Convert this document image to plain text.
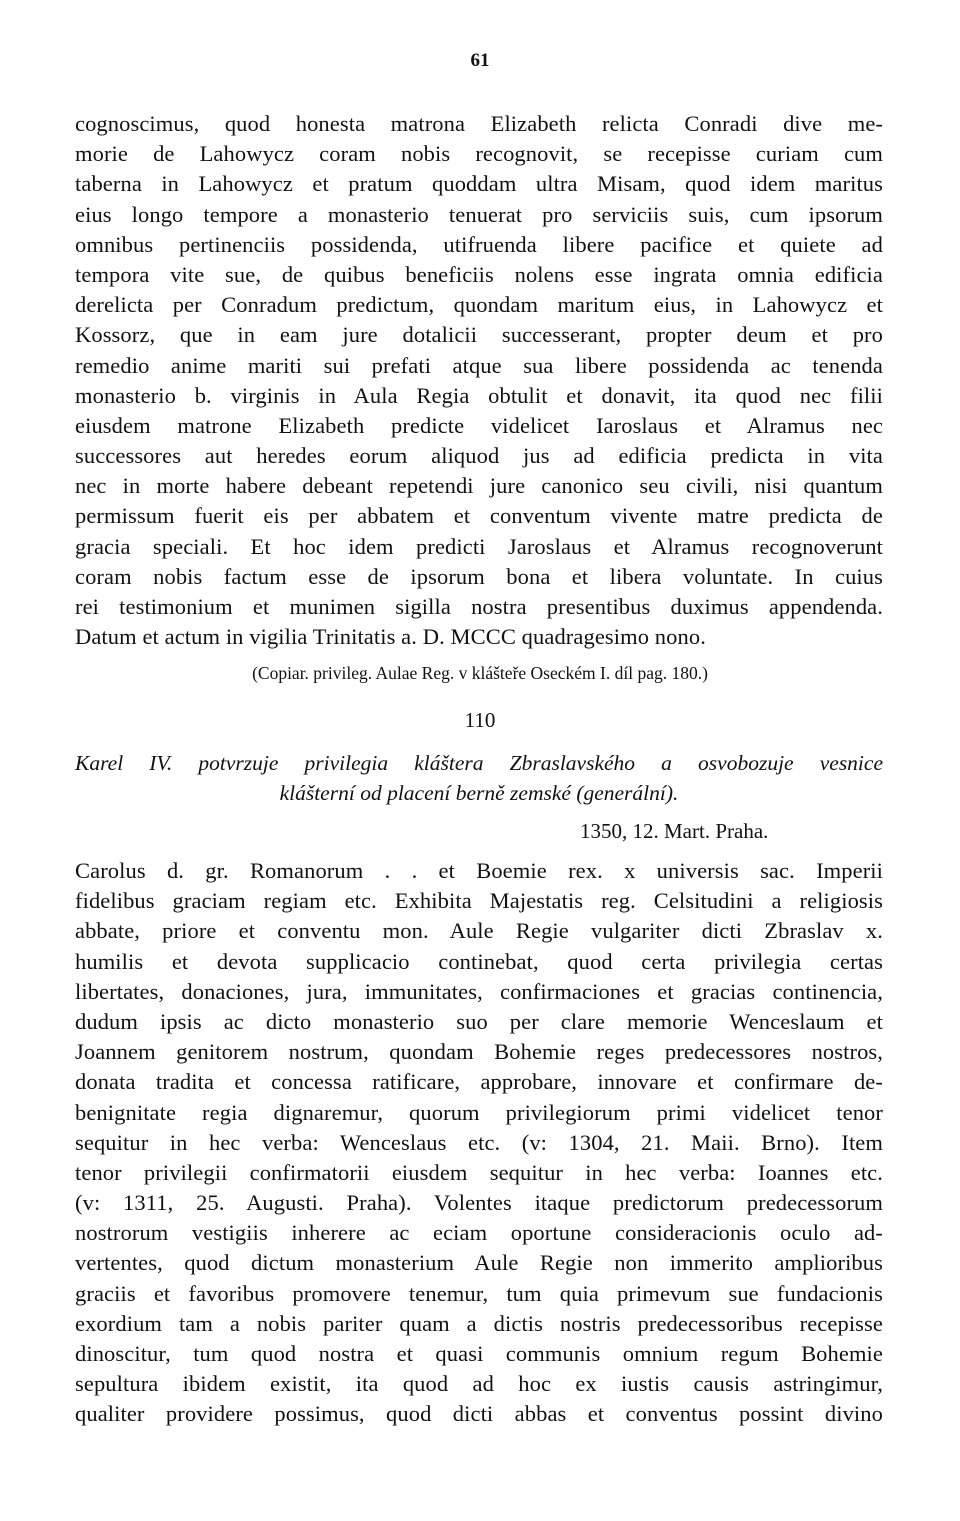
61
cognoscimus, quod honesta matrona Elizabeth relicta Conradi dive me-
morie de Lahowycz coram nobis recognovit, se recepisse curiam cum
taberna in Lahowycz et pratum quoddam ultra Misam, quod idem maritus
eius longo tempore a monasterio tenuerat pro serviciis suis, cum ipsorum
omnibus pertinenciis possidenda, utifruenda libere pacifice et quiete ad
tempora vite sue, de quibus beneficiis nolens esse ingrata omnia edificia
derelicta per Conradum predictum, quondam maritum eius, in Lahowycz et
Kossorz, que in eam jure dotalicii successerant, propter deum et pro
remedio anime mariti sui prefati atque sua libere possidenda ac tenenda
monasterio b. virginis in Aula Regia obtulit et donavit, ita quod nec filii
eiusdem matrone Elizabeth predicte videlicet Iaroslaus et Alramus nec
successores aut heredes eorum aliquod jus ad edificia predicta in vita
nec in morte habere debeant repetendi jure canonico seu civili, nisi quantum
permissum fuerit eis per abbatem et conventum vivente matre predicta de
gracia speciali. Et hoc idem predicti Jaroslaus et Alramus recognoverunt
coram nobis factum esse de ipsorum bona et libera voluntate. In cuius
rei testimonium et munimen sigilla nostra presentibus duximus appendenda.
Datum et actum in vigilia Trinitatis a. D. MCCC quadragesimo nono.
(Copiar. privileg. Aulae Reg. v klášteře Oseckém I. díl pag. 180.)
110
Karel IV. potvrzuje privilegia kláštera Zbraslavského a osvobozuje vesnice
klášterní od placení berně zemské (generální).
1350, 12. Mart. Praha.
Carolus d. gr. Romanorum . . et Boemie rex. x universis sac. Imperii
fidelibus graciam regiam etc. Exhibita Majestatis reg. Celsitudini a religiosis
abbate, priore et conventu mon. Aule Regie vulgariter dicti Zbraslav x.
humilis et devota supplicacio continebat, quod certa privilegia certas
libertates, donaciones, jura, immunitates, confirmaciones et gracias continencia,
dudum ipsis ac dicto monasterio suo per clare memorie Wenceslaum et
Joannem genitorem nostrum, quondam Bohemie reges predecessores nostros,
donata tradita et concessa ratificare, approbare, innovare et confirmare de-
benignitate regia dignaremur, quorum privilegiorum primi videlicet tenor
sequitur in hec verba: Wenceslaus etc. (v: 1304, 21. Maii. Brno). Item
tenor privilegii confirmatorii eiusdem sequitur in hec verba: Ioannes etc.
(v: 1311, 25. Augusti. Praha). Volentes itaque predictorum predecessorum
nostrorum vestigiis inherere ac eciam oportune consideracionis oculo ad-
vertentes, quod dictum monasterium Aule Regie non immerito amplioribus
graciis et favoribus promovere tenemur, tum quia primevum sue fundacionis
exordium tam a nobis pariter quam a dictis nostris predecessoribus recepisse
dinoscitur, tum quod nostra et quasi communis omnium regum Bohemie
sepultura ibidem existit, ita quod ad hoc ex iustis causis astringimur,
qualiter providere possimus, quod dicti abbas et conventus possint divino
